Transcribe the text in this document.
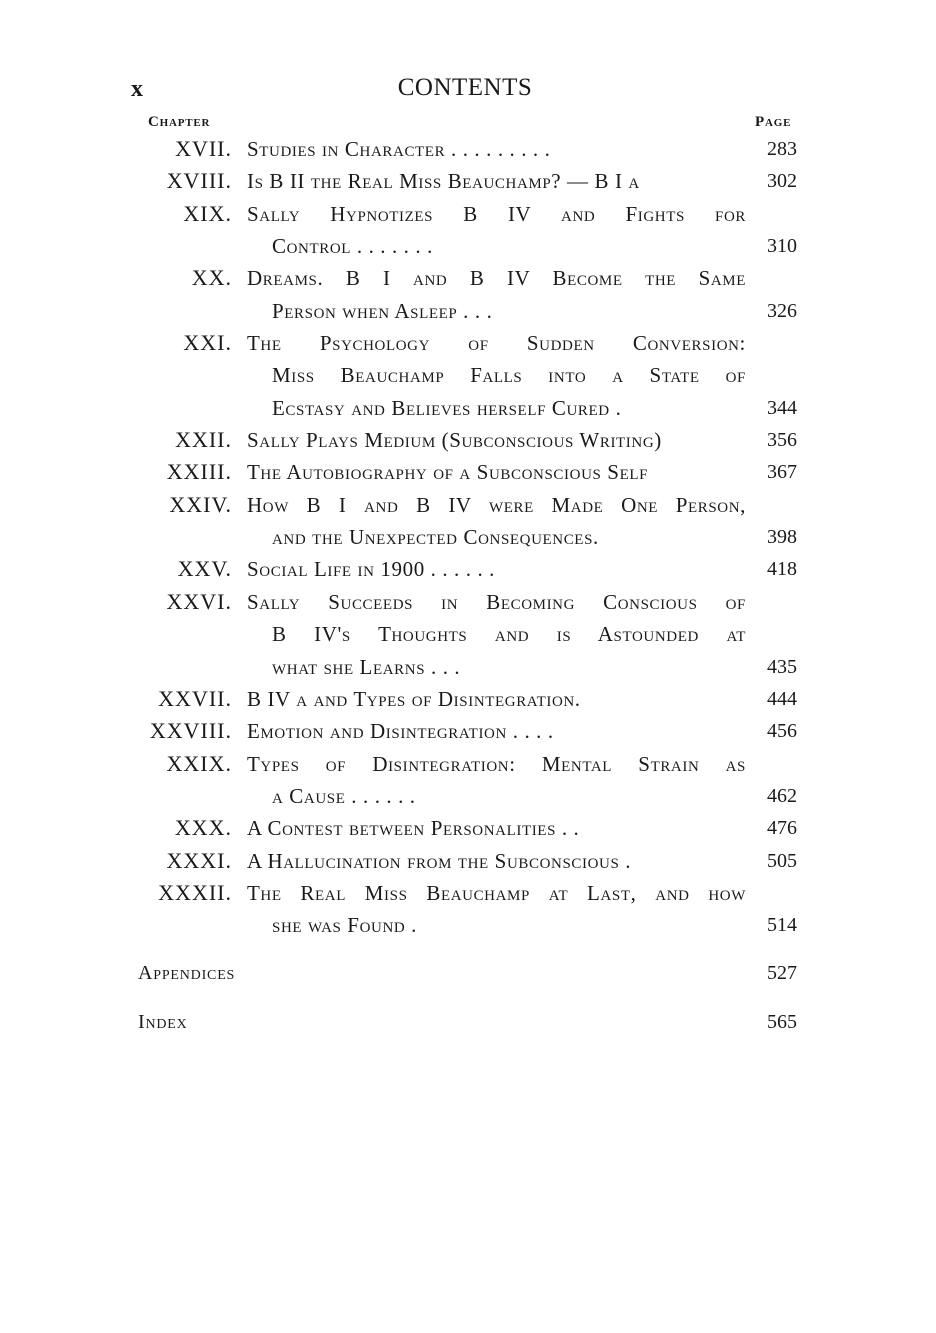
x	CONTENTS
Chapter	Page
XVII. Studies in Character . . . . . . . . .	283
XVIII. Is B II the Real Miss Beauchamp? — B I a	302
XIX. Sally Hypnotizes B IV and Fights for
Control . . . . . . .	310
XX. Dreams. B I and B IV Become the Same
Person when Asleep . . .	326
XXI. The Psychology of Sudden Conversion:
Miss Beauchamp Falls into a State of
Ecstasy and Believes herself Cured .	344
XXII. Sally Plays Medium (Subconscious Writing)	356
XXIII. The Autobiography of a Subconscious Self	367
XXIV. How B I and B IV were Made One Person,
and the Unexpected Consequences.	398
XXV. Social Life in 1900 . . . . . .	418
XXVI. Sally Succeeds in Becoming Conscious of
B IV's Thoughts and is Astounded at
what she Learns . . .	435
XXVII. B IV a and Types of Disintegration.	444
XXVIII. Emotion and Disintegration . . . .	456
XXIX. Types of Disintegration: Mental Strain as
a Cause . . . . . .	462
XXX. A Contest between Personalities . .	476
XXXI. A Hallucination from the Subconscious .	505
XXXII. The Real Miss Beauchamp at Last, and how
she was Found .	514
Appendices	527
Index	565
